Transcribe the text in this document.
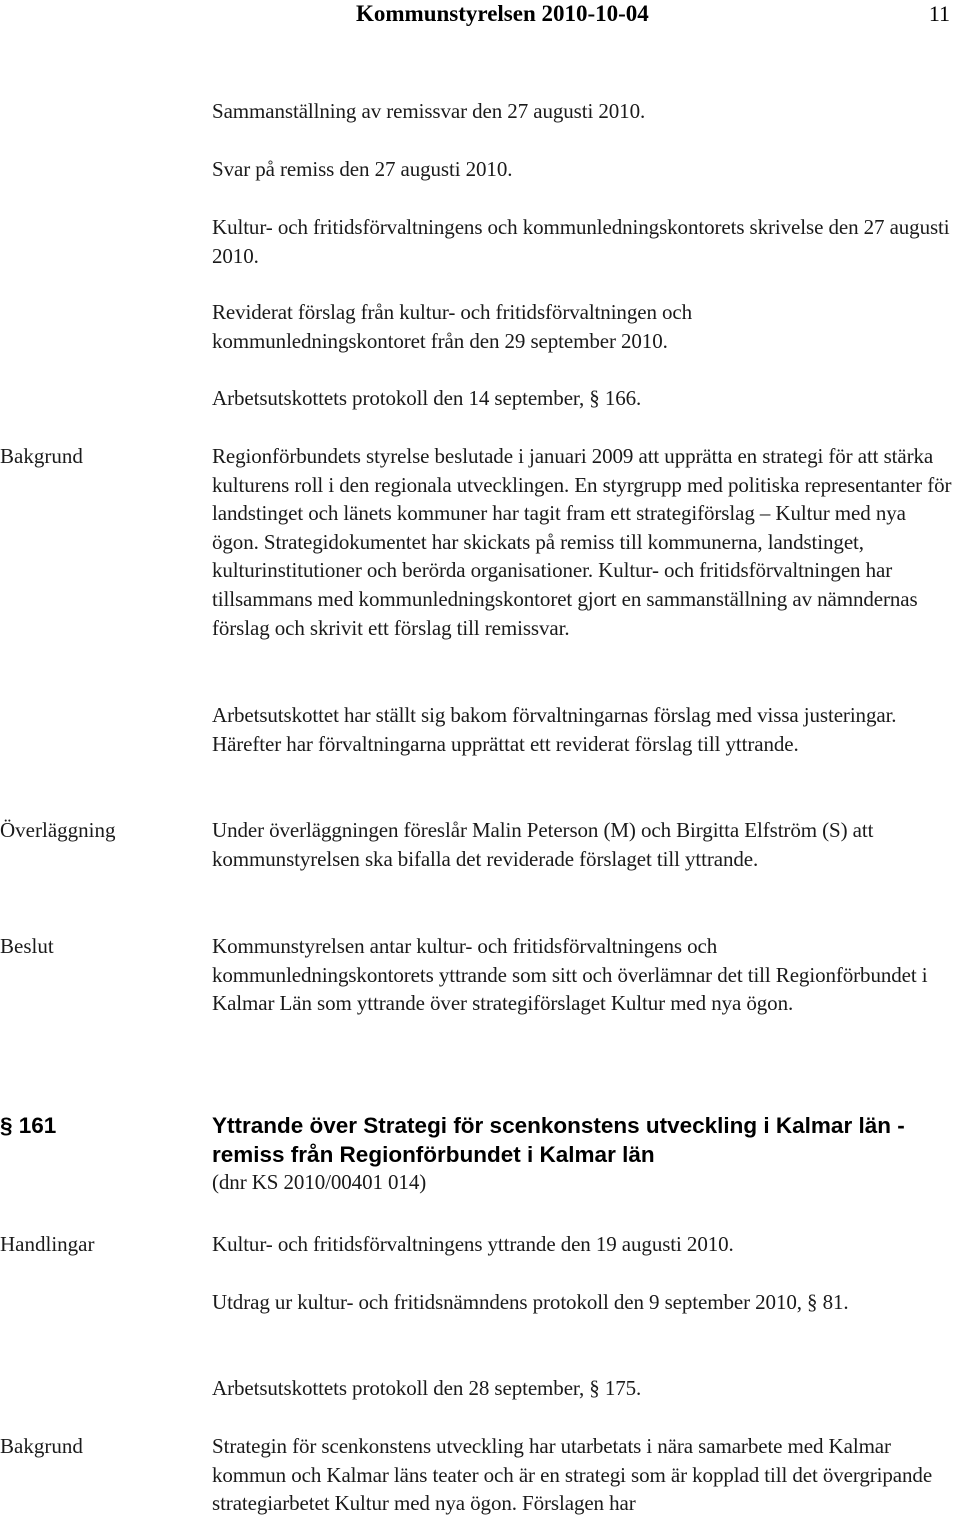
Kommunstyrelsen 2010-10-04	11
Sammanställning av remissvar den 27 augusti 2010.
Svar på remiss den 27 augusti 2010.
Kultur- och fritidsförvaltningens och kommunledningskontorets skrivelse den 27 augusti 2010.
Reviderat förslag från kultur- och fritidsförvaltningen och kommunledningskontoret från den 29 september 2010.
Arbetsutskottets protokoll den 14 september, § 166.
Bakgrund	Regionförbundets styrelse beslutade i januari 2009 att upprätta en strategi för att stärka kulturens roll i den regionala utvecklingen. En styrgrupp med politiska representanter för landstinget och länets kommuner har tagit fram ett strategiförslag – Kultur med nya ögon. Strategidokumentet har skickats på remiss till kommunerna, landstinget, kulturinstitutioner och berörda organisationer. Kultur- och fritidsförvaltningen har tillsammans med kommunledningskontoret gjort en sammanställning av nämndernas förslag och skrivit ett förslag till remissvar.
Arbetsutskottet har ställt sig bakom förvaltningarnas förslag med vissa justeringar. Härefter har förvaltningarna upprättat ett reviderat förslag till yttrande.
Överläggning	Under överläggningen föreslår Malin Peterson (M) och Birgitta Elfström (S) att kommunstyrelsen ska bifalla det reviderade förslaget till yttrande.
Beslut	Kommunstyrelsen antar kultur- och fritidsförvaltningens och kommunledningskontorets yttrande som sitt och överlämnar det till Regionförbundet i Kalmar Län som yttrande över strategiförslaget Kultur med nya ögon.
§ 161	Yttrande över Strategi för scenkonstens utveckling i Kalmar län - remiss från Regionförbundet i Kalmar län
(dnr KS 2010/00401 014)
Handlingar	Kultur- och fritidsförvaltningens yttrande den 19 augusti 2010.
Utdrag ur kultur- och fritidsnämndens protokoll den 9 september 2010, § 81.
Arbetsutskottets protokoll den 28 september, § 175.
Bakgrund	Strategin för scenkonstens utveckling har utarbetats i nära samarbete med Kalmar kommun och Kalmar läns teater och är en strategi som är kopplad till det övergripande strategiarbetet Kultur med nya ögon. Förslagen har
